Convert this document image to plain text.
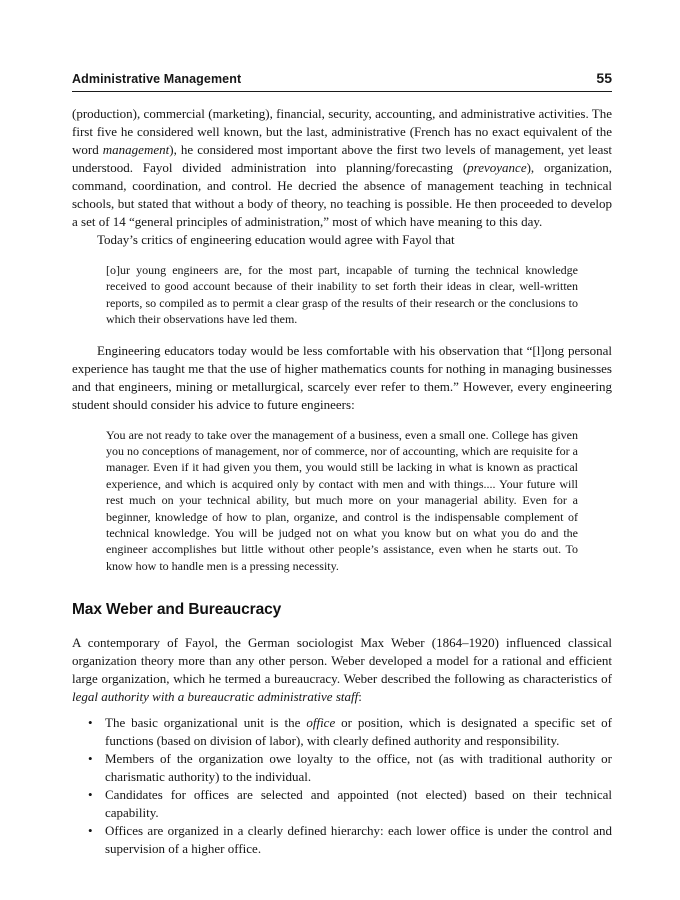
Administrative Management	55

(production), commercial (marketing), financial, security, accounting, and administrative activities. The first five he considered well known, but the last, administrative (French has no exact equivalent of the word management), he considered most important above the first two levels of management, yet least understood. Fayol divided administration into planning/forecasting (prevoyance), organization, command, coordination, and control. He decried the absence of management teaching in technical schools, but stated that without a body of theory, no teaching is possible. He then proceeded to develop a set of 14 “general principles of administration,” most of which have meaning to this day.

Today’s critics of engineering education would agree with Fayol that

[o]ur young engineers are, for the most part, incapable of turning the technical knowledge received to good account because of their inability to set forth their ideas in clear, well-written reports, so compiled as to permit a clear grasp of the results of their research or the conclusions to which their observations have led them.

Engineering educators today would be less comfortable with his observation that “[l]ong personal experience has taught me that the use of higher mathematics counts for nothing in managing businesses and that engineers, mining or metallurgical, scarcely ever refer to them.” However, every engineering student should consider his advice to future engineers:

You are not ready to take over the management of a business, even a small one. College has given you no conceptions of management, nor of commerce, nor of accounting, which are requisite for a manager. Even if it had given you them, you would still be lacking in what is known as practical experience, and which is acquired only by contact with men and with things.... Your future will rest much on your technical ability, but much more on your managerial ability. Even for a beginner, knowledge of how to plan, organize, and control is the indispensable complement of technical knowledge. You will be judged not on what you know but on what you do and the engineer accomplishes but little without other people’s assistance, even when he starts out. To know how to handle men is a pressing necessity.
Max Weber and Bureaucracy

A contemporary of Fayol, the German sociologist Max Weber (1864–1920) influenced classical organization theory more than any other person. Weber developed a model for a rational and efficient large organization, which he termed a bureaucracy. Weber described the following as characteristics of legal authority with a bureaucratic administrative staff:

• The basic organizational unit is the office or position, which is designated a specific set of functions (based on division of labor), with clearly defined authority and responsibility.
• Members of the organization owe loyalty to the office, not (as with traditional authority or charismatic authority) to the individual.
• Candidates for offices are selected and appointed (not elected) based on their technical capability.
• Offices are organized in a clearly defined hierarchy: each lower office is under the control and supervision of a higher office.
